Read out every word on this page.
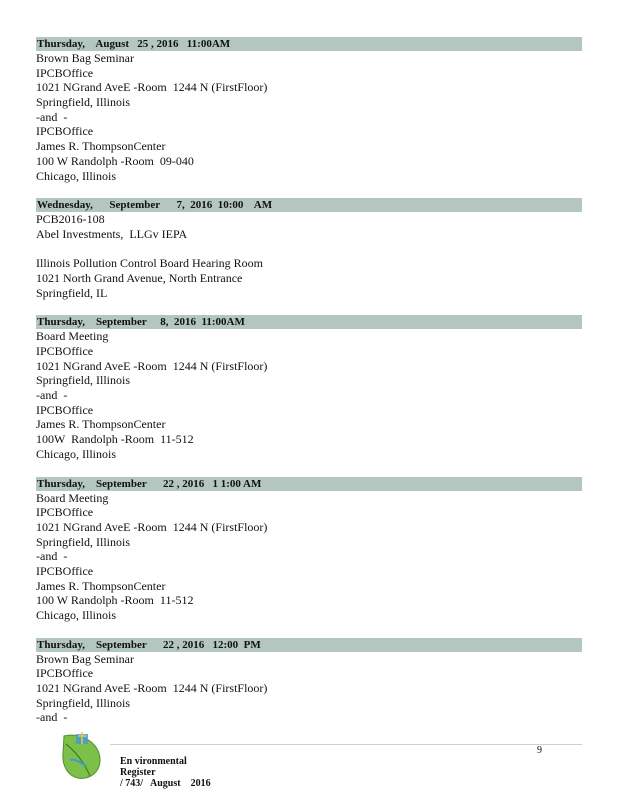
Thursday,    August   25 , 2016   11:00AM
Brown Bag Seminar
IPCBOffice
1021 NGrand AveE -Room  1244 N (FirstFloor)
Springfield, Illinois
-and  -
IPCBOffice
James R. ThompsonCenter
100 W Randolph -Room  09-040
Chicago, Illinois
Wednesday,      September      7,  2016  10:00    AM
PCB2016-108
Abel Investments,  LLGv IEPA
Illinois Pollution Control Board Hearing Room
1021 North Grand Avenue, North Entrance
Springfield, IL
Thursday,    September     8,  2016  11:00AM
Board Meeting
IPCBOffice
1021 NGrand AveE -Room  1244 N (FirstFloor)
Springfield, Illinois
-and  -
IPCBOffice
James R. ThompsonCenter
100W  Randolph -Room  11-512
Chicago, Illinois
Thursday,    September      22 , 2016   1 1:00 AM
Board Meeting
IPCBOffice
1021 NGrand AveE -Room  1244 N (FirstFloor)
Springfield, Illinois
-and  -
IPCBOffice
James R. ThompsonCenter
100 W Randolph -Room  11-512
Chicago, Illinois
Thursday,    September      22 , 2016   12:00  PM
Brown Bag Seminar
IPCBOffice
1021 NGrand AveE -Room  1244 N (FirstFloor)
Springfield, Illinois
-and  -

En vironmental
Register
/ 743/   August    2016

9
